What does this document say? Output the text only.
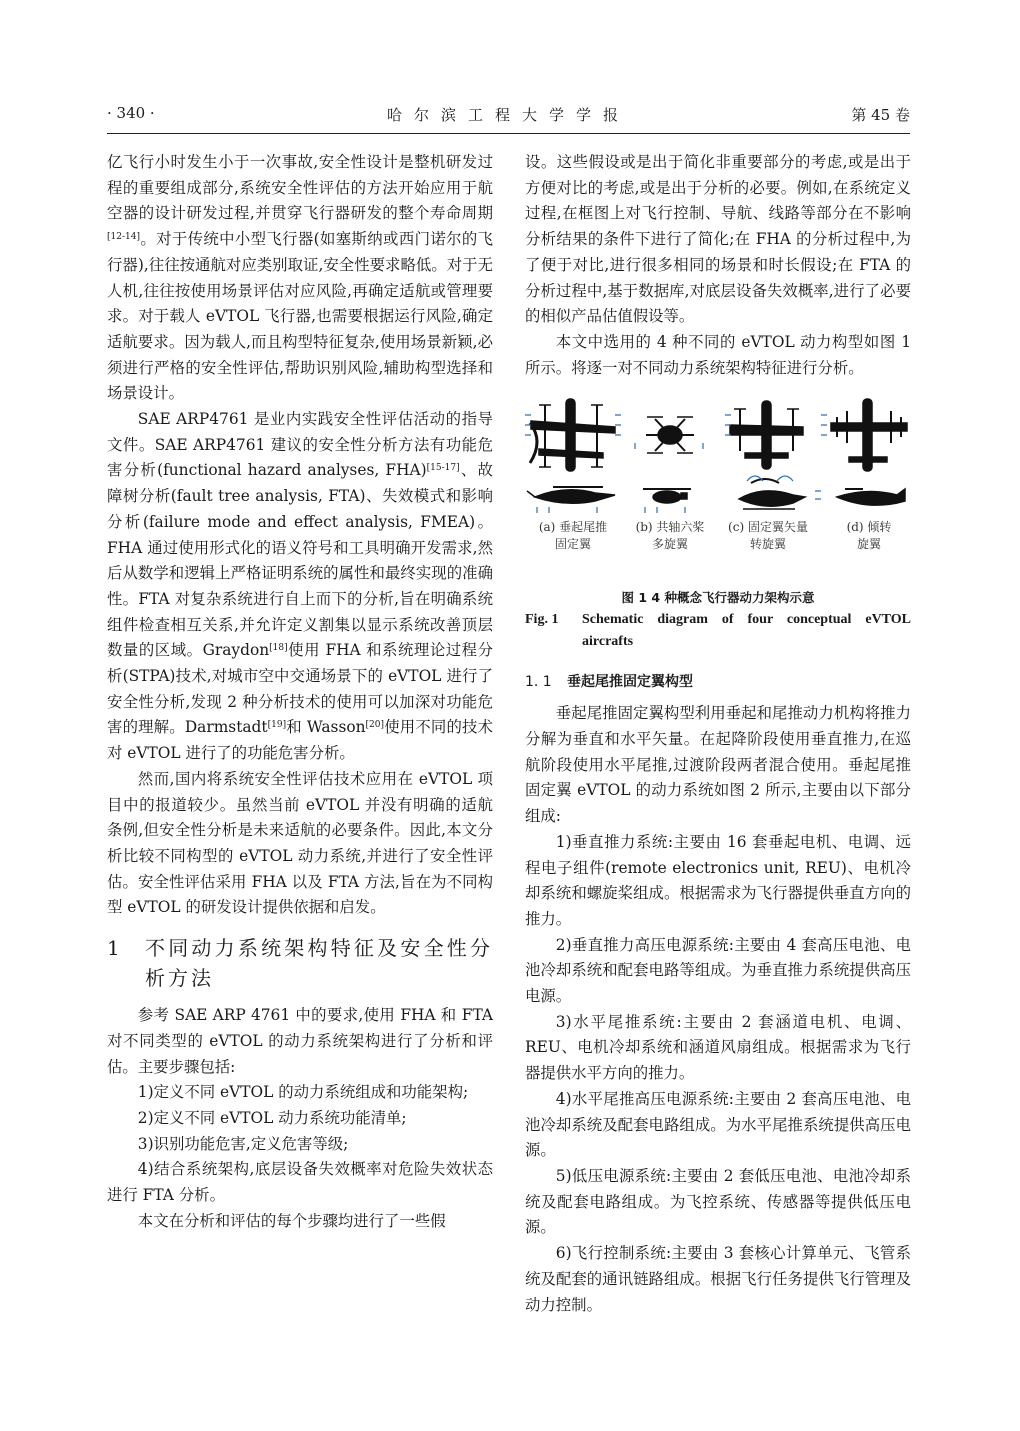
· 340 ·	哈尔滨工程大学学报	第 45 卷

亿飞行小时发生小于一次事故,安全性设计是整机研发过程的重要组成部分,系统安全性评估的方法开始应用于航空器的设计研发过程,并贯穿飞行器研发的整个寿命周期[12-14]。对于传统中小型飞行器(如塞斯纳或西门诺尔的飞行器),往往按通航对应类别取证,安全性要求略低。对于无人机,往往按使用场景评估对应风险,再确定适航或管理要求。对于载人 eVTOL 飞行器,也需要根据运行风险,确定适航要求。因为载人,而且构型特征复杂,使用场景新颖,必须进行严格的安全性评估,帮助识别风险,辅助构型选择和场景设计。

SAE ARP4761 是业内实践安全性评估活动的指导文件。SAE ARP4761 建议的安全性分析方法有功能危害分析(functional hazard analyses, FHA)[15-17]、故障树分析(fault tree analysis, FTA)、失效模式和影响分析(failure mode and effect analysis, FMEA)。FHA 通过使用形式化的语义符号和工具明确开发需求,然后从数学和逻辑上严格证明系统的属性和最终实现的准确性。FTA 对复杂系统进行自上而下的分析,旨在明确系统组件检查相互关系,并允许定义割集以显示系统改善顶层数量的区域。Graydon[18]使用 FHA 和系统理论过程分析(STPA)技术,对城市空中交通场景下的 eVTOL 进行了安全性分析,发现 2 种分析技术的使用可以加深对功能危害的理解。Darmstadt[19]和 Wasson[20]使用不同的技术对 eVTOL 进行了的功能危害分析。

然而,国内将系统安全性评估技术应用在 eVTOL 项目中的报道较少。虽然当前 eVTOL 并没有明确的适航条例,但安全性分析是未来适航的必要条件。因此,本文分析比较不同构型的 eVTOL 动力系统,并进行了安全性评估。安全性评估采用 FHA 以及 FTA 方法,旨在为不同构型 eVTOL 的研发设计提供依据和启发。

1	不同动力系统架构特征及安全性分析方法

参考 SAE ARP 4761 中的要求,使用 FHA 和 FTA 对不同类型的 eVTOL 的动力系统架构进行了分析和评估。主要步骤包括:

1)定义不同 eVTOL 的动力系统组成和功能架构;

2)定义不同 eVTOL 动力系统功能清单;

3)识别功能危害,定义危害等级;

4)结合系统架构,底层设备失效概率对危险失效状态进行 FTA 分析。

本文在分析和评估的每个步骤均进行了一些假

设。这些假设或是出于简化非重要部分的考虑,或是出于方便对比的考虑,或是出于分析的必要。例如,在系统定义过程,在框图上对飞行控制、导航、线路等部分在不影响分析结果的条件下进行了简化;在 FHA 的分析过程中,为了便于对比,进行很多相同的场景和时长假设;在 FTA 的分析过程中,基于数据库,对底层设备失效概率,进行了必要的相似产品估值假设等。

本文中选用的 4 种不同的 eVTOL 动力构型如图 1 所示。将逐一对不同动力系统架构特征进行分析。

(a) 垂起尾推
固定翼
(b) 共轴六桨
多旋翼
(c) 固定翼矢量
转旋翼
(d) 倾转
旋翼
图 1 4 种概念飞行器动力架构示意
Fig. 1	Schematic diagram of four conceptual eVTOL aircrafts
1. 1 垂起尾推固定翼构型

垂起尾推固定翼构型利用垂起和尾推动力机构将推力分解为垂直和水平矢量。在起降阶段使用垂直推力,在巡航阶段使用水平尾推,过渡阶段两者混合使用。垂起尾推固定翼 eVTOL 的动力系统如图 2 所示,主要由以下部分组成:

1)垂直推力系统:主要由 16 套垂起电机、电调、远程电子组件(remote electronics unit, REU)、电机冷却系统和螺旋桨组成。根据需求为飞行器提供垂直方向的推力。

2)垂直推力高压电源系统:主要由 4 套高压电池、电池冷却系统和配套电路等组成。为垂直推力系统提供高压电源。

3)水平尾推系统:主要由 2 套涵道电机、电调、REU、电机冷却系统和涵道风扇组成。根据需求为飞行器提供水平方向的推力。

4)水平尾推高压电源系统:主要由 2 套高压电池、电池冷却系统及配套电路组成。为水平尾推系统提供高压电源。

5)低压电源系统:主要由 2 套低压电池、电池冷却系统及配套电路组成。为飞控系统、传感器等提供低压电源。

6)飞行控制系统:主要由 3 套核心计算单元、飞管系统及配套的通讯链路组成。根据飞行任务提供飞行管理及动力控制。
